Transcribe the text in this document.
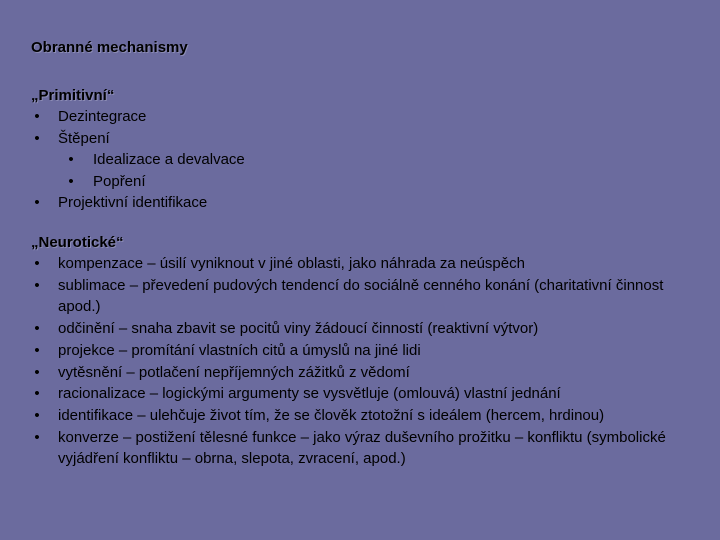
Obranné mechanismy
„Primitivní“
• Dezintegrace
• Štěpení
• Idealizace a devalvace
• Popření
• Projektivní identifikace
„Neurotické“
• kompenzace – úsilí vyniknout v jiné oblasti, jako náhrada za neúspěch
• sublimace – převedení pudových tendencí do sociálně cenného konání (charitativní činnost apod.)
• odčinění – snaha zbavit se pocitů viny žádoucí činností (reaktivní výtvor)
• projekce – promítání vlastních citů a úmyslů na jiné lidi
• vytěsnění – potlačení nepříjemných zážitků z vědomí
• racionalizace – logickými argumenty se vysvětluje (omlouvá) vlastní jednání
• identifikace – ulehčuje život tím, že se člověk ztotožní s ideálem (hercem, hrdinou)
• konverze – postižení tělesné funkce – jako výraz duševního prožitku – konfliktu (symbolické vyjádření konfliktu – obrna, slepota, zvracení, apod.)
